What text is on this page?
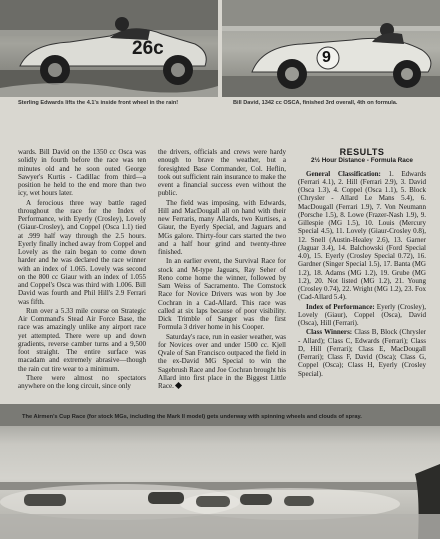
26c	9
Sterling Edwards lifts the 4.1's inside front wheel in the rain!	Bill David, 1342 cc OSCA, finished 3rd overall, 4th on formula.

wards. Bill David on the 1350 cc Osca was solidly in fourth before the race was ten minutes old and he soon outed George Sawyer's Kurtis - Cadillac from third—a position he held to the end more than two icy, wet hours later.

A ferocious three way battle raged throughout the race for the Index of Performance, with Eyerly (Crosley), Lovely (Giaur-Crosley), and Coppel (Osca 1.1) tied at .999 half way through the 2.5 hours. Eyerly finally inched away from Coppel and Lovely as the rain began to come down harder and he was declared the race winner with an index of 1.065. Lovely was second on the 800 cc Giaur with an index of 1.055 and Coppel's Osca was third with 1.006. Bill David was fourth and Phil Hill's 2.9 Ferrari was fifth.

Run over a 5.33 mile course on Strategic Air Command's Stead Air Force Base, the race was amazingly unlike any airport race yet attempted. There were up and down gradients, reverse camber turns and a 9,500 foot straight. The entire surface was macadam and extremely abrasive—though the rain cut tire wear to a minimum.

There were almost no spectators anywhere on the long circuit, since only

the drivers, officials and crews were hardy enough to brave the weather, but a foresighted Base Commander, Col. Heflin, took out sufficient rain insurance to make the event a financial success even without the public.

The field was imposing, with Edwards, Hill and MacDougall all on hand with their new Ferraris, many Allards, two Kurtises, a Giaur, the Eyerly Special, and Jaguars and MGs galore. Thirty-four cars started the two and a half hour grind and twenty-three finished.

In an earlier event, the Survival Race for stock and M-type Jaguars, Ray Seher of Reno come home the winner, followed by Sam Weiss of Sacramento. The Comstock Race for Novice Drivers was won by Joe Cochran in a Cad-Allard. This race was called at six laps because of poor visibility. Dick Trimble of Sanger was the first Formula 3 driver home in his Cooper.

Saturday's race, run in easier weather, was for Novices over and under 1500 cc. Kjell Qvale of San Francisco outpaced the field in the ex-David MG Special to win the Sagebrush Race and Joe Cochran brought his Allard into first place in the Biggest Little Race.

RESULTS
2½ Hour Distance - Formula Race

General Classification: 1. Edwards (Ferrari 4.1), 2. Hill (Ferrari 2.9), 3. David (Osca 1.3), 4. Coppel (Osca 1.1), 5. Block (Chrysler - Allard Le Mans 5.4), 6. MacDougall (Ferrari 1.9), 7. Von Neumann (Porsche 1.5), 8. Lowe (Frazer-Nash 1.9), 9. Gillespie (MG 1.5), 10. Louis (Mercury Special 4.5), 11. Lovely (Giaur-Crosley 0.8), 12. Snell (Austin-Healey 2.6), 13. Garner (Jaguar 3.4), 14. Balchowski (Ford Special 4.0), 15. Eyerly (Crosley Special 0.72), 16. Gardner (Singer Special 1.5), 17. Banta (MG 1.2), 18. Adams (MG 1.2), 19. Grube (MG 1.2), 20. Not listed (MG 1.2), 21. Young (Crosley 0.74), 22. Wright (MG 1.2), 23. Fox (Cad-Allard 5.4).

Index of Performance: Eyerly (Crosley), Lovely (Giaur), Coppel (Osca), David (Osca), Hill (Ferrari).

Class Winners: Class B, Block (Chrysler - Allard); Class C, Edwards (Ferrari); Class D, Hill (Ferrari); Class E, MacDougall (Ferrari); Class F, David (Osca); Class G, Coppel (Osca); Class H, Eyerly (Crosley Special).

The Airmen's Cup Race (for stock MGs, including the Mark II model) gets underway with spinning wheels and clouds of spray.
